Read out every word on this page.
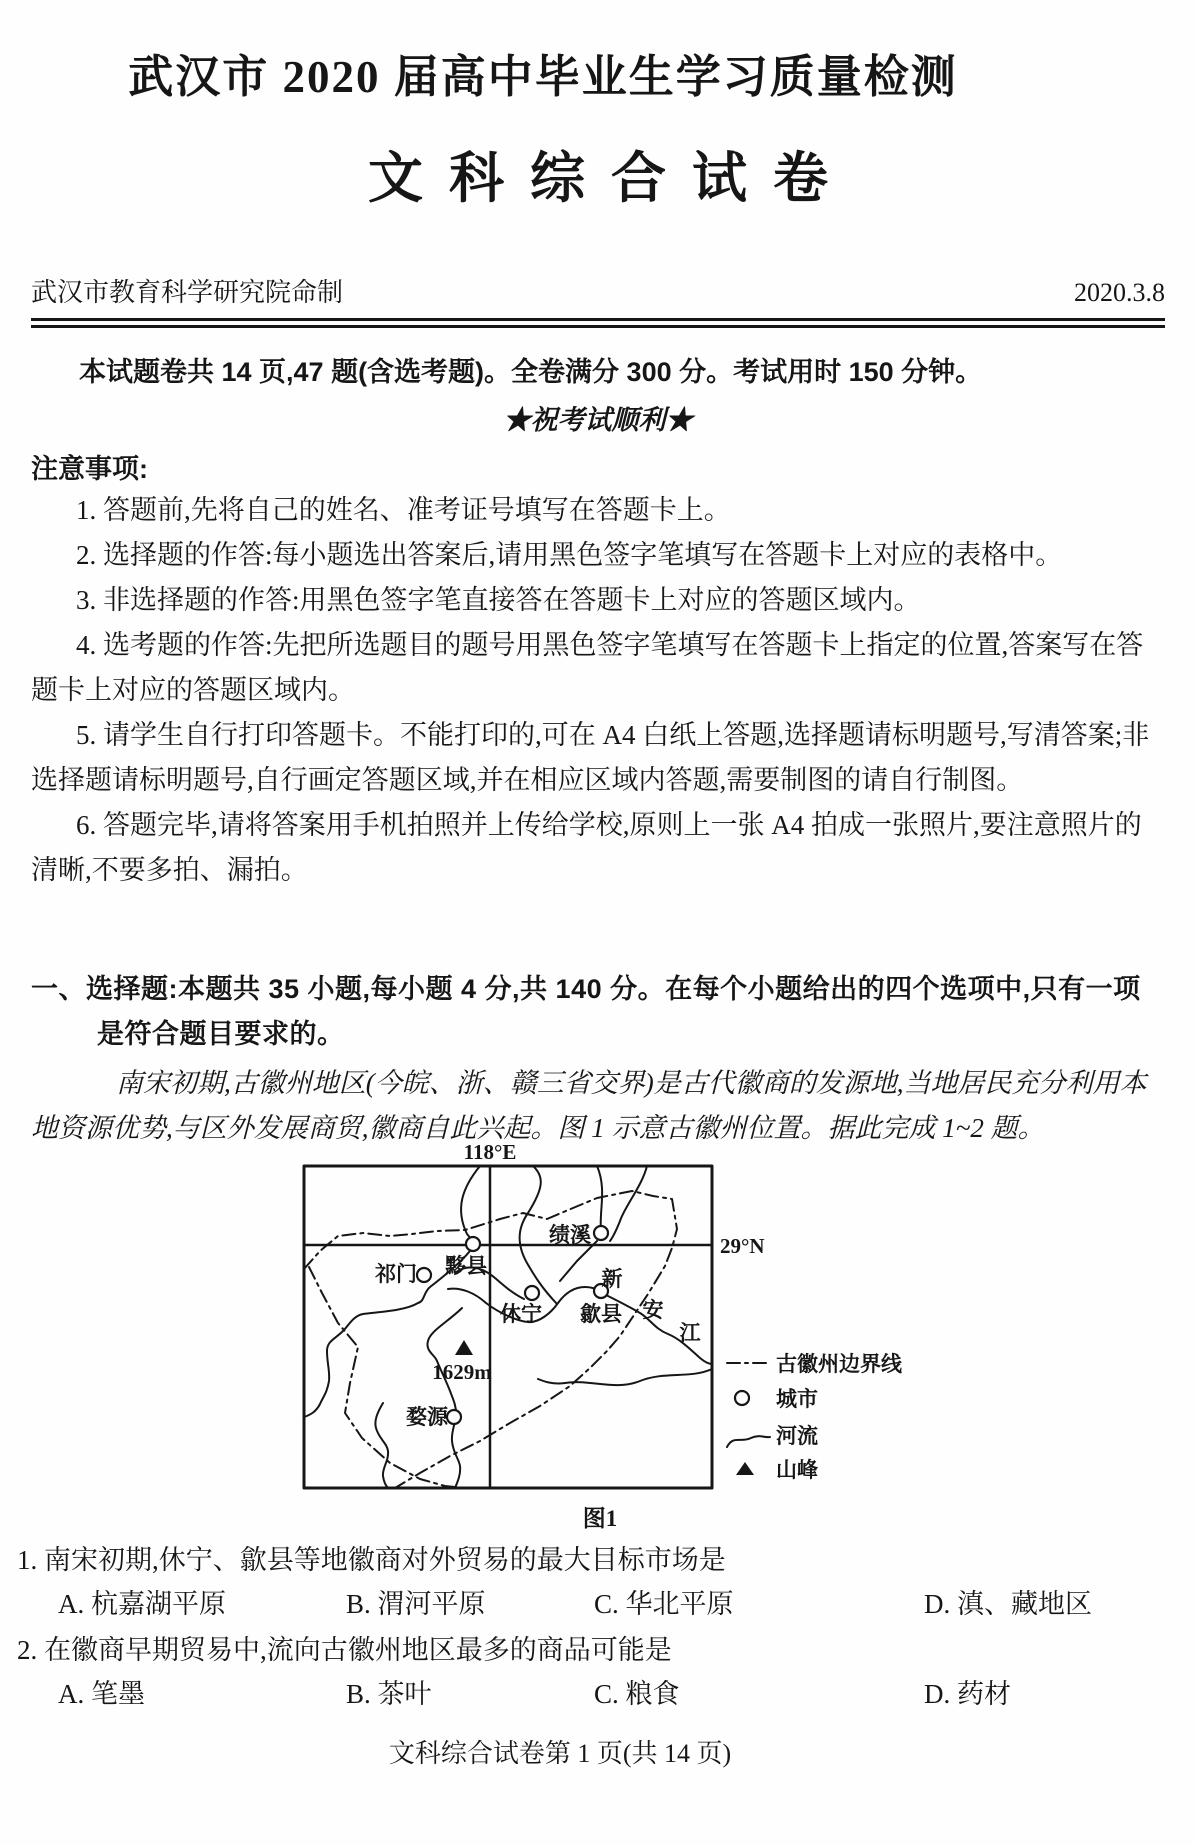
武汉市 2020 届高中毕业生学习质量检测
文科综合试卷
武汉市教育科学研究院命制	2020.3.8

本试题卷共 14 页,47 题(含选考题)。全卷满分 300 分。考试用时 150 分钟。

★祝考试顺利★

注意事项:

1. 答题前,先将自己的姓名、准考证号填写在答题卡上。

2. 选择题的作答:每小题选出答案后,请用黑色签字笔填写在答题卡上对应的表格中。

3. 非选择题的作答:用黑色签字笔直接答在答题卡上对应的答题区域内。

4. 选考题的作答:先把所选题目的题号用黑色签字笔填写在答题卡上指定的位置,答案写在答题卡上对应的答题区域内。

5. 请学生自行打印答题卡。不能打印的,可在 A4 白纸上答题,选择题请标明题号,写清答案;非选择题请标明题号,自行画定答题区域,并在相应区域内答题,需要制图的请自行制图。

6. 答题完毕,请将答案用手机拍照并上传给学校,原则上一张 A4 拍成一张照片,要注意照片的清晰,不要多拍、漏拍。

一、选择题:本题共 35 小题,每小题 4 分,共 140 分。在每个小题给出的四个选项中,只有一项是符合题目要求的。

南宋初期,古徽州地区(今皖、浙、赣三省交界)是古代徽商的发源地,当地居民充分利用本地资源优势,与区外发展商贸,徽商自此兴起。图 1 示意古徽州位置。据此完成 1~2 题。

118°E
29°N
黟县
绩溪
祁门
休宁 歙县
婺源
新
安
江
1629m	古徽州边界线
城市
河流
山峰
图1

1. 南宋初期,休宁、歙县等地徽商对外贸易的最大目标市场是

A. 杭嘉湖平原	B. 渭河平原	C. 华北平原	D. 滇、藏地区

2. 在徽商早期贸易中,流向古徽州地区最多的商品可能是

A. 笔墨	B. 茶叶	C. 粮食	D. 药材

文科综合试卷第 1 页(共 14 页)
